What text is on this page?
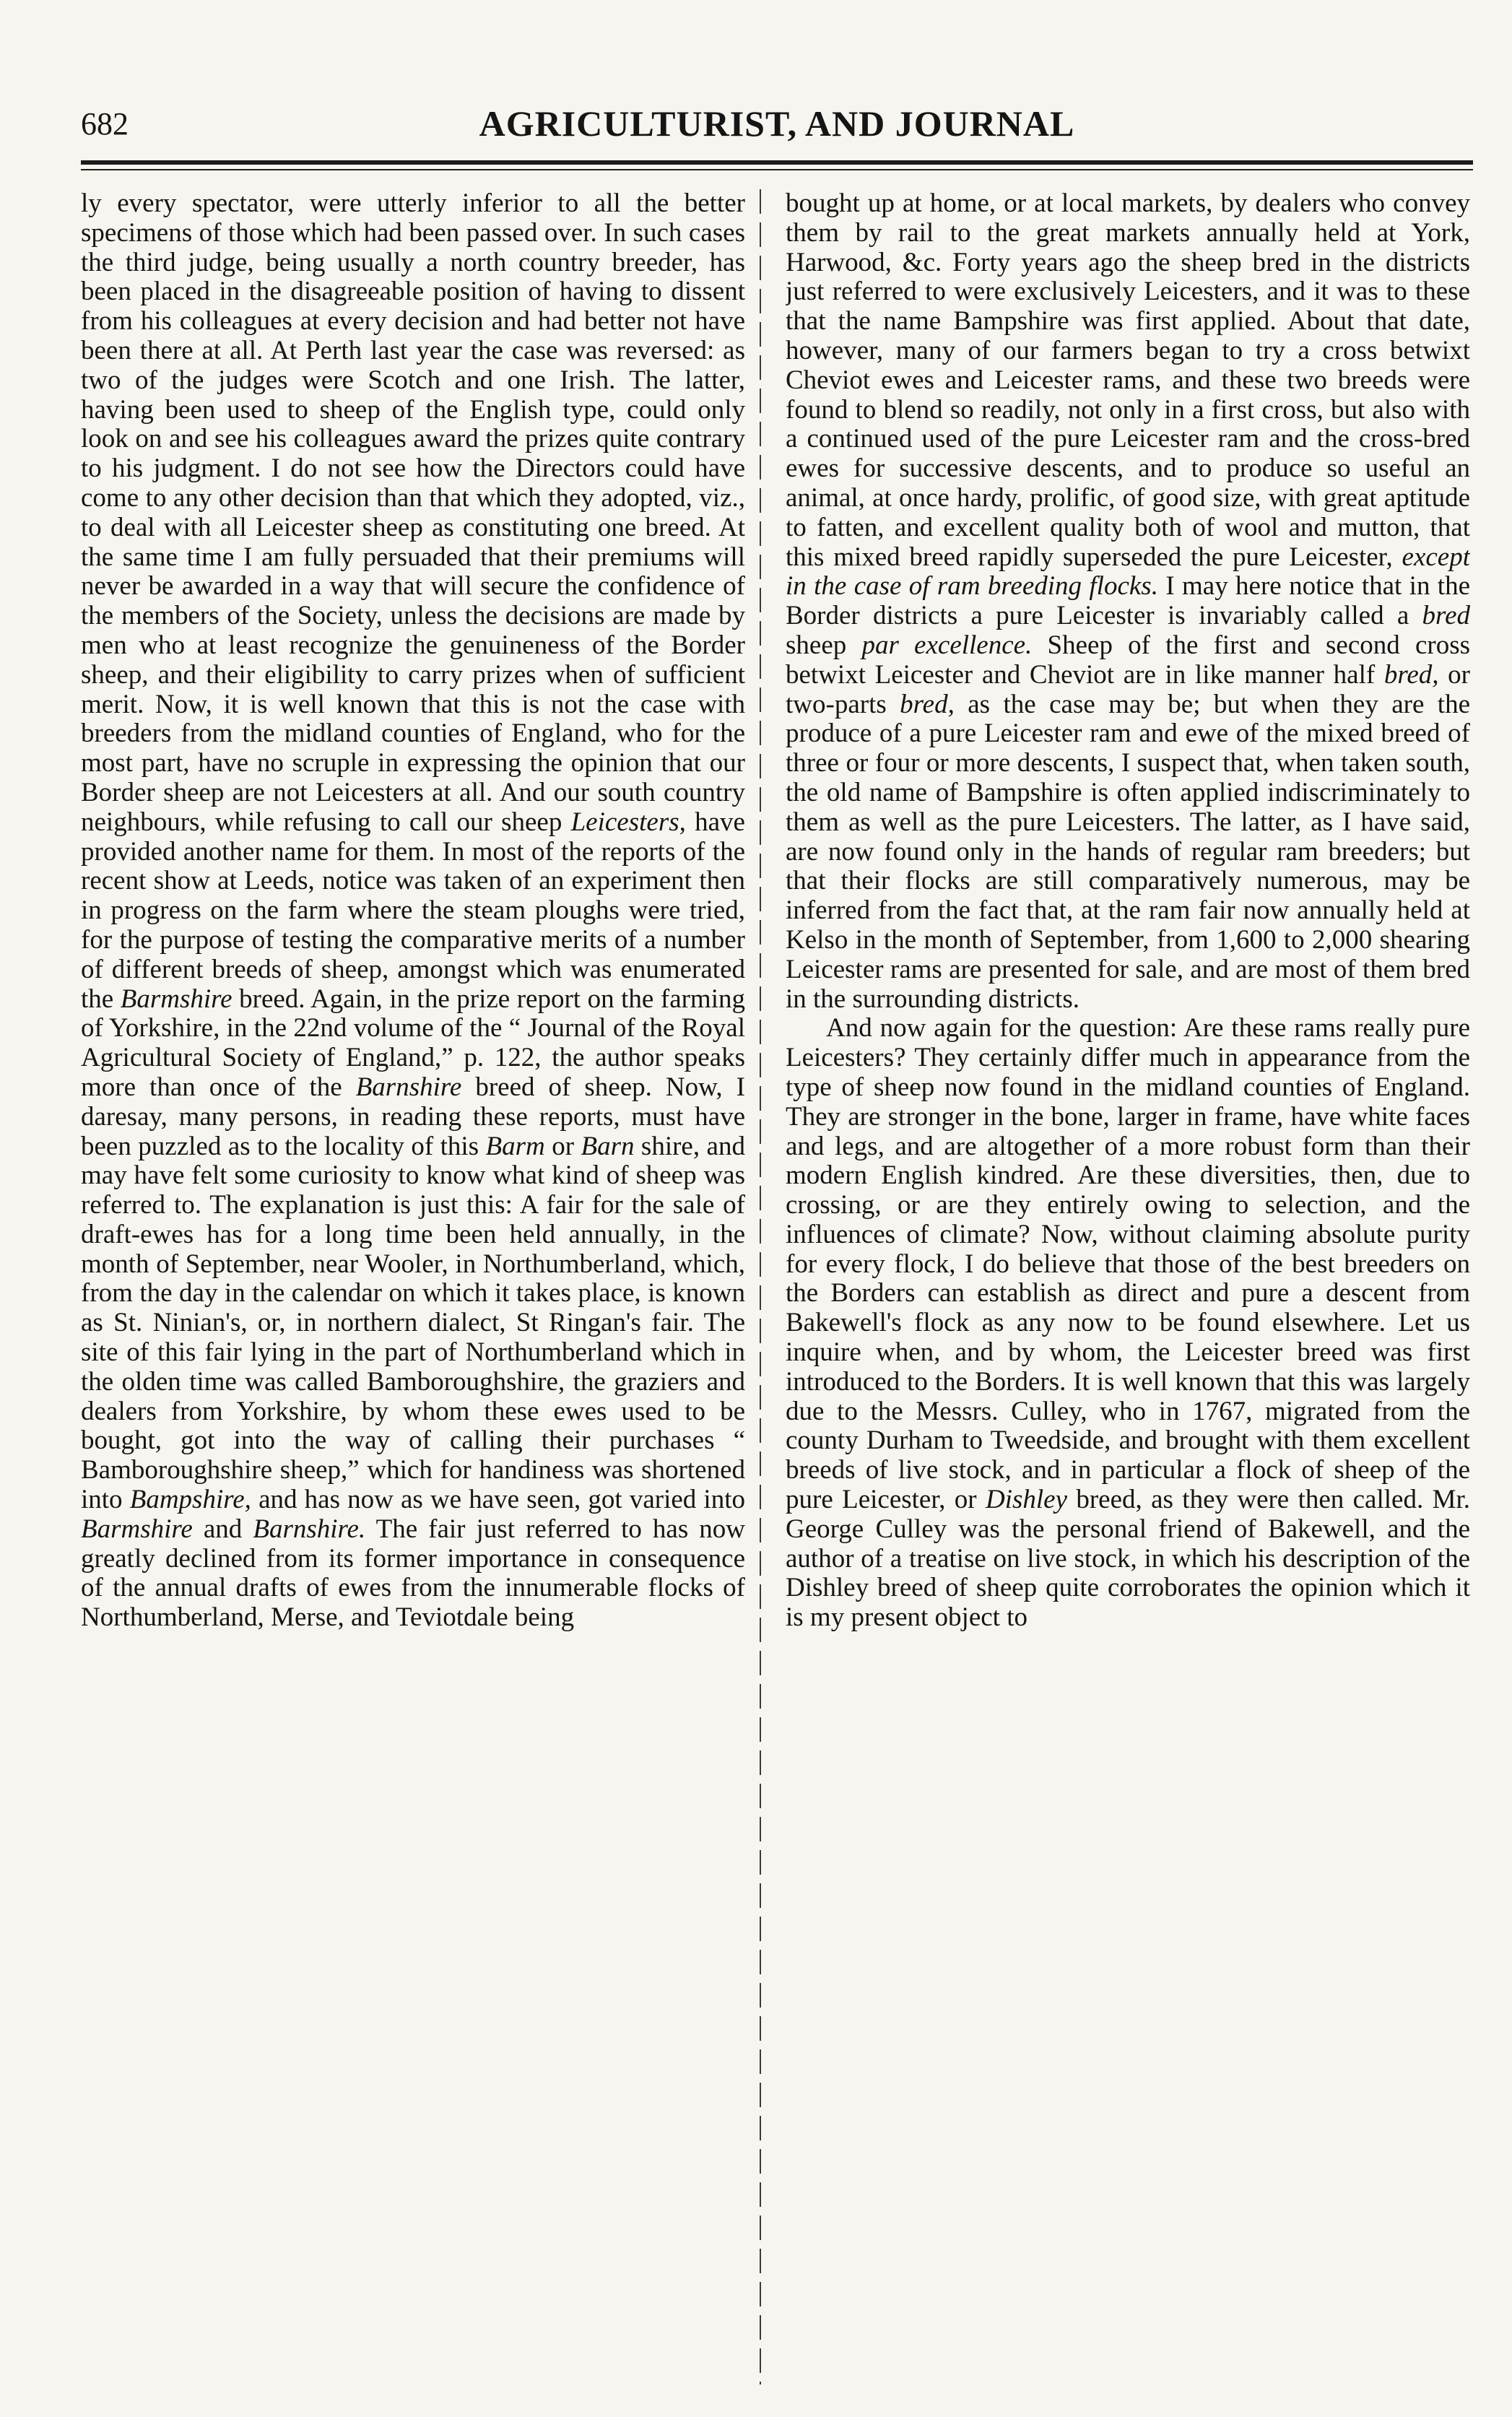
682	AGRICULTURIST, AND JOURNAL

ly every spectator, were utterly inferior to all the better specimens of those which had been passed over. In such cases the third judge, being usually a north country breeder, has been placed in the disagreeable position of having to dissent from his colleagues at every decision and had better not have been there at all. At Perth last year the case was reversed: as two of the judges were Scotch and one Irish. The latter, having been used to sheep of the English type, could only look on and see his colleagues award the prizes quite contrary to his judgment. I do not see how the Directors could have come to any other decision than that which they adopted, viz., to deal with all Leicester sheep as constituting one breed. At the same time I am fully persuaded that their premiums will never be awarded in a way that will secure the confidence of the members of the Society, unless the decisions are made by men who at least recognize the genuineness of the Border sheep, and their eligibility to carry prizes when of sufficient merit. Now, it is well known that this is not the case with breeders from the midland counties of England, who for the most part, have no scruple in expressing the opinion that our Border sheep are not Leicesters at all. And our south country neighbours, while refusing to call our sheep Leicesters, have provided another name for them. In most of the reports of the recent show at Leeds, notice was taken of an experiment then in progress on the farm where the steam ploughs were tried, for the purpose of testing the comparative merits of a number of different breeds of sheep, amongst which was enumerated the Barmshire breed. Again, in the prize report on the farming of Yorkshire, in the 22nd volume of the “ Journal of the Royal Agricultural Society of England,” p. 122, the author speaks more than once of the Barnshire breed of sheep. Now, I daresay, many persons, in reading these reports, must have been puzzled as to the locality of this Barm or Barn shire, and may have felt some curiosity to know what kind of sheep was referred to. The explanation is just this: A fair for the sale of draft-ewes has for a long time been held annually, in the month of September, near Wooler, in Northumberland, which, from the day in the calendar on which it takes place, is known as St. Ninian's, or, in northern dialect, St Ringan's fair. The site of this fair lying in the part of Northumberland which in the olden time was called Bamboroughshire, the graziers and dealers from Yorkshire, by whom these ewes used to be bought, got into the way of calling their purchases “ Bamboroughshire sheep,” which for handiness was shortened into Bampshire, and has now as we have seen, got varied into Barmshire and Barnshire. The fair just referred to has now greatly declined from its former importance in consequence of the annual drafts of ewes from the innumerable flocks of Northumberland, Merse, and Teviotdale being

bought up at home, or at local markets, by dealers who convey them by rail to the great markets annually held at York, Harwood, &c. Forty years ago the sheep bred in the districts just referred to were exclusively Leicesters, and it was to these that the name Bampshire was first applied. About that date, however, many of our farmers began to try a cross betwixt Cheviot ewes and Leicester rams, and these two breeds were found to blend so readily, not only in a first cross, but also with a continued used of the pure Leicester ram and the cross-bred ewes for successive descents, and to produce so useful an animal, at once hardy, prolific, of good size, with great aptitude to fatten, and excellent quality both of wool and mutton, that this mixed breed rapidly superseded the pure Leicester, except in the case of ram breeding flocks. I may here notice that in the Border districts a pure Leicester is invariably called a bred sheep par excellence. Sheep of the first and second cross betwixt Leicester and Cheviot are in like manner half bred, or two-parts bred, as the case may be; but when they are the produce of a pure Leicester ram and ewe of the mixed breed of three or four or more descents, I suspect that, when taken south, the old name of Bampshire is often applied indiscriminately to them as well as the pure Leicesters. The latter, as I have said, are now found only in the hands of regular ram breeders; but that their flocks are still comparatively numerous, may be inferred from the fact that, at the ram fair now annually held at Kelso in the month of September, from 1,600 to 2,000 shearing Leicester rams are presented for sale, and are most of them bred in the surrounding districts.

And now again for the question: Are these rams really pure Leicesters? They certainly differ much in appearance from the type of sheep now found in the midland counties of England. They are stronger in the bone, larger in frame, have white faces and legs, and are altogether of a more robust form than their modern English kindred. Are these diversities, then, due to crossing, or are they entirely owing to selection, and the influences of climate? Now, without claiming absolute purity for every flock, I do believe that those of the best breeders on the Borders can establish as direct and pure a descent from Bakewell's flock as any now to be found elsewhere. Let us inquire when, and by whom, the Leicester breed was first introduced to the Borders. It is well known that this was largely due to the Messrs. Culley, who in 1767, migrated from the county Durham to Tweedside, and brought with them excellent breeds of live stock, and in particular a flock of sheep of the pure Leicester, or Dishley breed, as they were then called. Mr. George Culley was the personal friend of Bakewell, and the author of a treatise on live stock, in which his description of the Dishley breed of sheep quite corroborates the opinion which it is my present object to
